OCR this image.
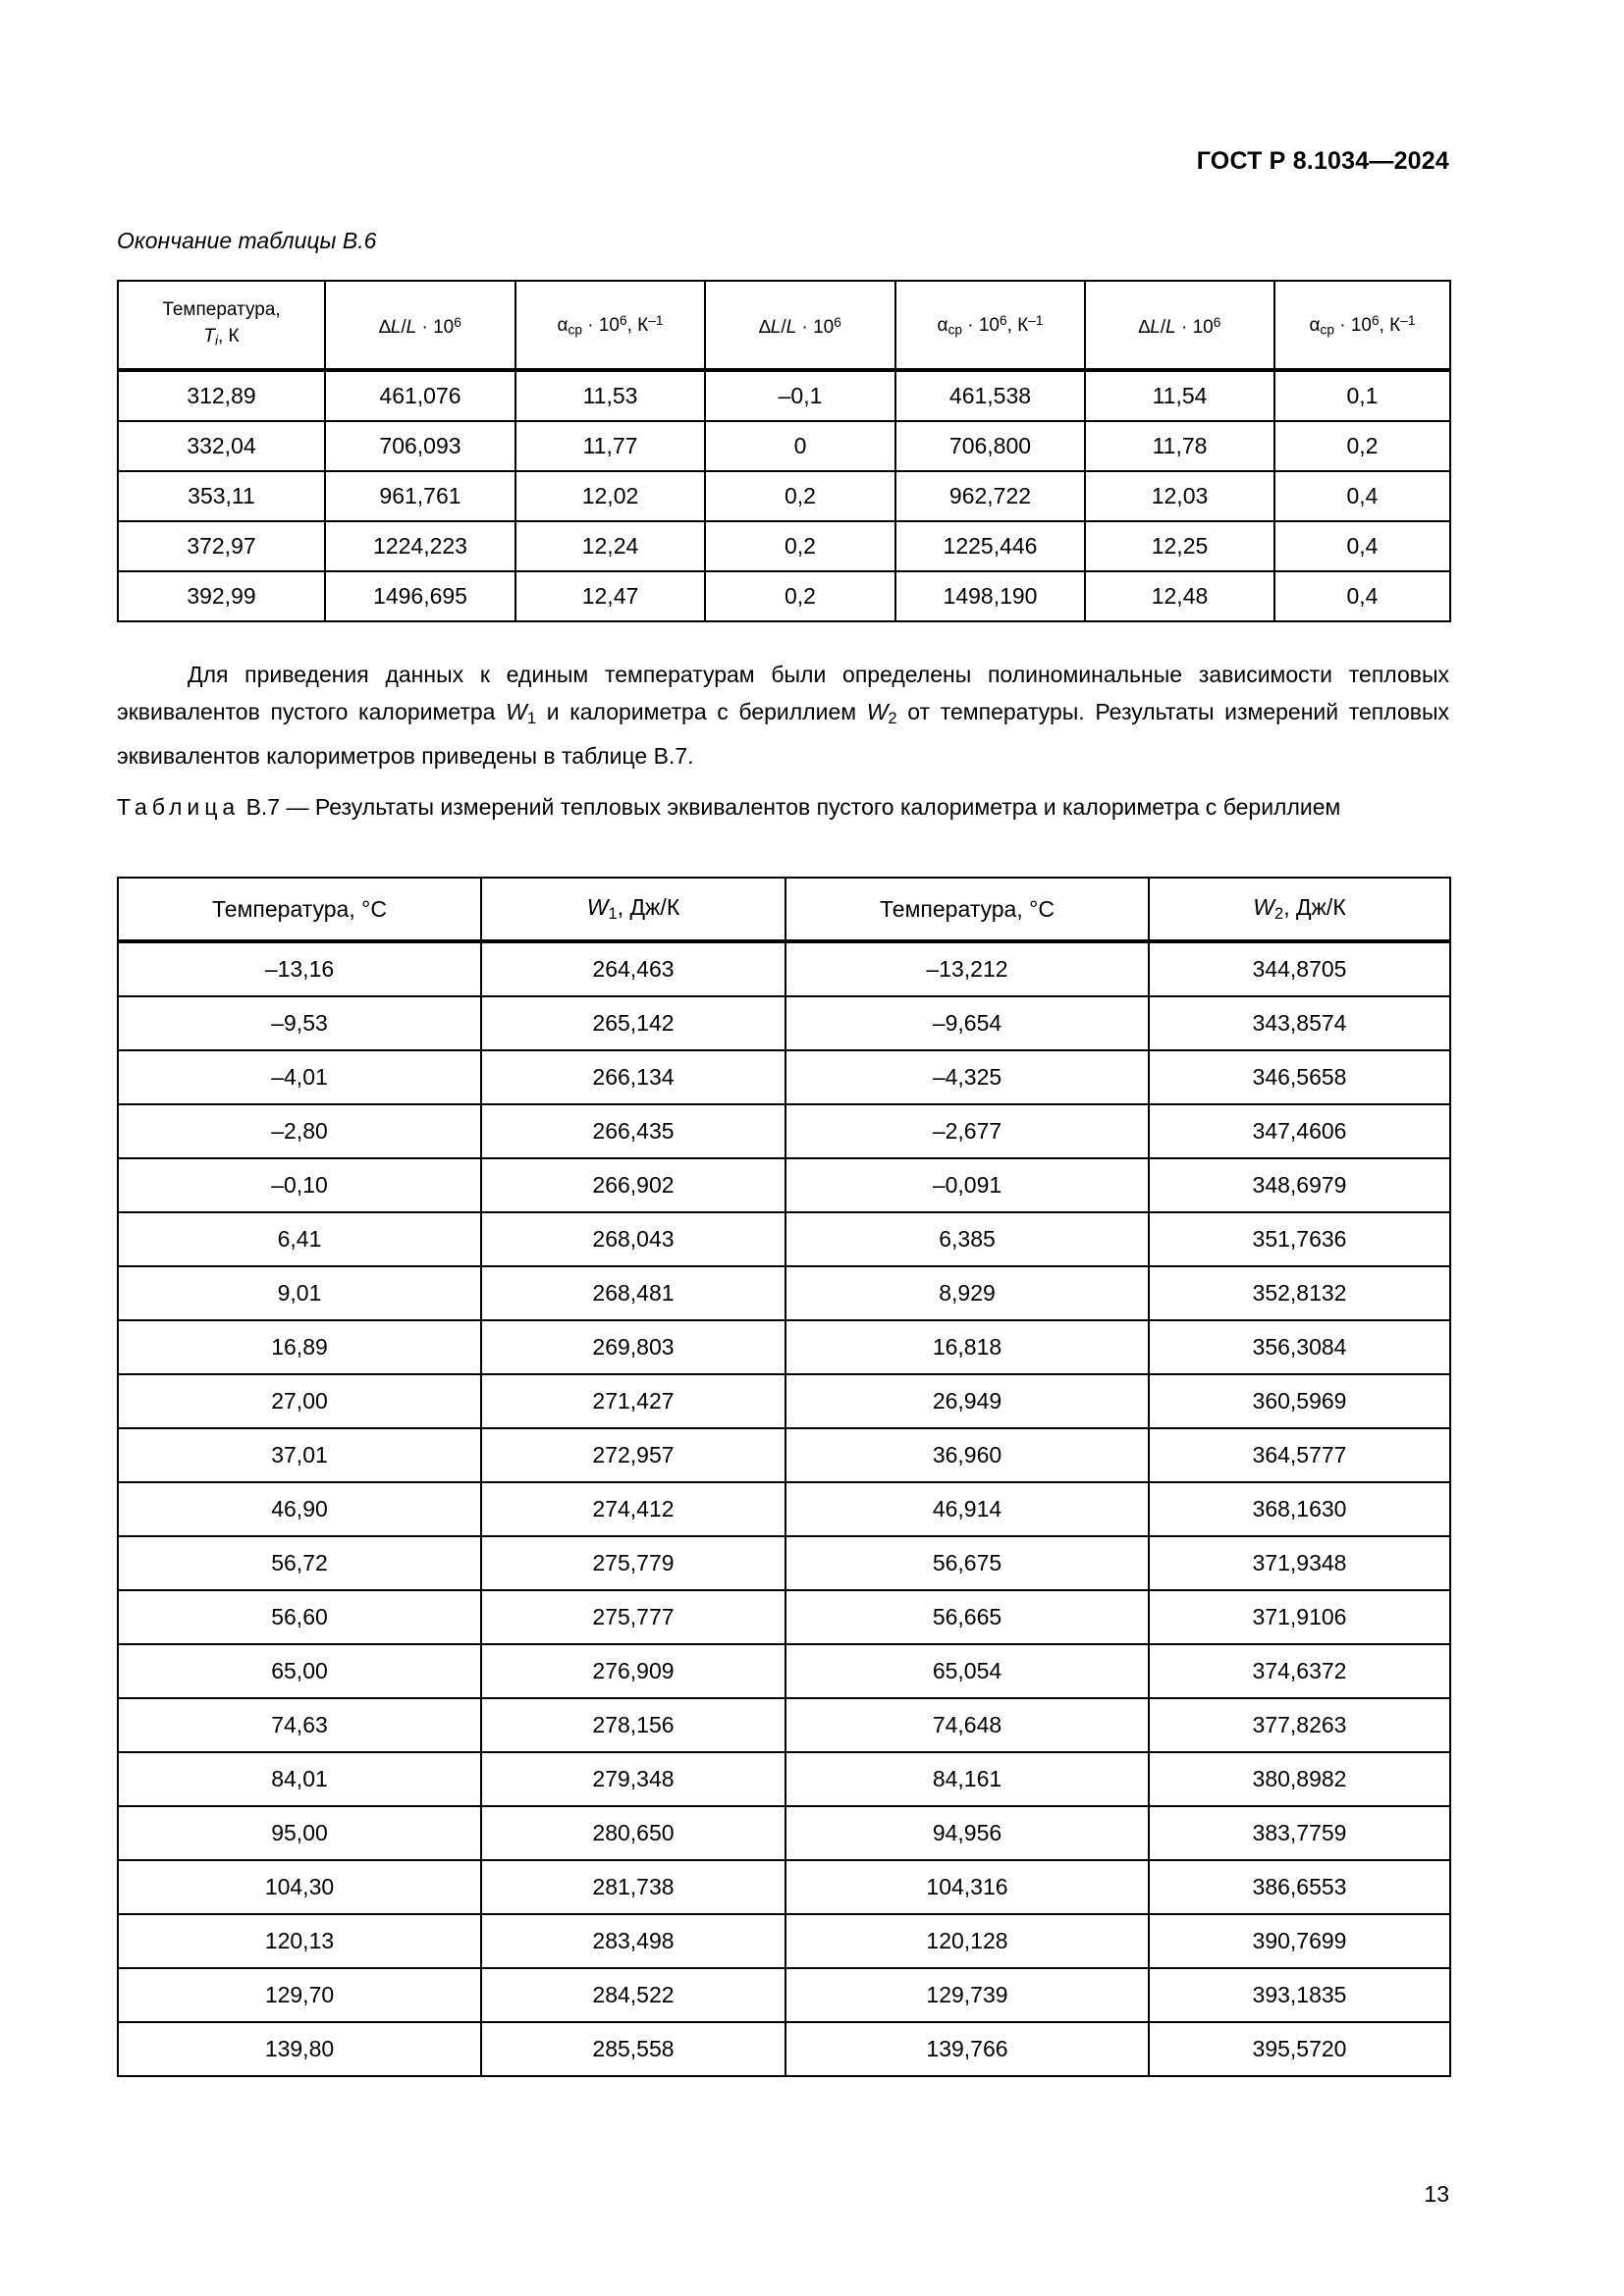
ГОСТ Р 8.1034—2024
Окончание таблицы В.6
Температура,
$T_i$, К	$\Delta L/L \cdot 10^6$	$\alpha_{ср} \cdot 10^6$, $К^{-1}$	$\Delta L/L \cdot 10^6$	$\alpha_{ср} \cdot 10^6$, $К^{-1}$	$\Delta L/L \cdot 10^6$	$\alpha_{ср} \cdot 10^6$, $К^{-1}$
312,89	461,076	11,53	–0,1	461,538	11,54	0,1
332,04	706,093	11,77	0	706,800	11,78	0,2
353,11	961,761	12,02	0,2	962,722	12,03	0,4
372,97	1224,223	12,24	0,2	1225,446	12,25	0,4
392,99	1496,695	12,47	0,2	1498,190	12,48	0,4
Для приведения данных к единым температурам были определены полиноминальные зависимости тепловых эквивалентов пустого калориметра $W_1$ и калориметра с бериллием $W_2$ от температуры. Результаты измерений тепловых эквивалентов калориметров приведены в таблице В.7.
Таблица В.7 — Результаты измерений тепловых эквивалентов пустого калориметра и калориметра с бериллием
Температура, °С	$W_1$, Дж/К	Температура, °С	$W_2$, Дж/К
–13,16	264,463	–13,212	344,8705
–9,53	265,142	–9,654	343,8574
–4,01	266,134	–4,325	346,5658
–2,80	266,435	–2,677	347,4606
–0,10	266,902	–0,091	348,6979
6,41	268,043	6,385	351,7636
9,01	268,481	8,929	352,8132
16,89	269,803	16,818	356,3084
27,00	271,427	26,949	360,5969
37,01	272,957	36,960	364,5777
46,90	274,412	46,914	368,1630
56,72	275,779	56,675	371,9348
56,60	275,777	56,665	371,9106
65,00	276,909	65,054	374,6372
74,63	278,156	74,648	377,8263
84,01	279,348	84,161	380,8982
95,00	280,650	94,956	383,7759
104,30	281,738	104,316	386,6553
120,13	283,498	120,128	390,7699
129,70	284,522	129,739	393,1835
139,80	285,558	139,766	395,5720
13
